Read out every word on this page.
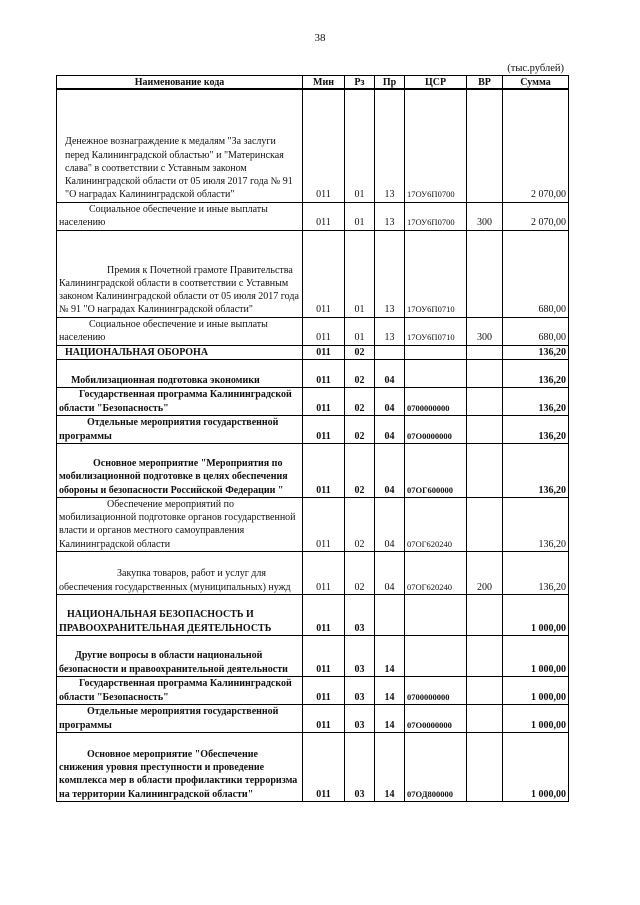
38
(тыс.рублей)
Наименование кода	Мин	Рз	Пр	ЦСР	ВР	Сумма
Денежное вознаграждение к медалям "За заслуги перед Калининградской областью" и "Материнская слава" в соответствии с Уставным законом Калининградской области от 05 июля 2017 года № 91 "О наградах Калининградской области"	011	01	13	17ОУ6П0700		2 070,00
Социальное обеспечение и иные выплаты населению	011	01	13	17ОУ6П0700	300	2 070,00
Премия к Почетной грамоте Правительства Калининградской области в соответствии с Уставным законом Калининградской области от 05 июля 2017 года № 91 "О наградах Калининградской области"	011	01	13	17ОУ6П0710		680,00
Социальное обеспечение и иные выплаты населению	011	01	13	17ОУ6П0710	300	680,00
НАЦИОНАЛЬНАЯ ОБОРОНА	011	02				136,20
Мобилизационная подготовка экономики	011	02	04			136,20
Государственная программа Калининградской области "Безопасность"	011	02	04	0700000000		136,20
Отдельные мероприятия государственной программы	011	02	04	07О0000000		136,20
Основное мероприятие "Мероприятия по мобилизационной подготовке в целях обеспечения обороны и безопасности Российской Федерации "	011	02	04	07ОГ600000		136,20
Обеспечение мероприятий по мобилизационной подготовке органов государственной власти и органов местного самоуправления Калининградской области	011	02	04	07ОГ620240		136,20
Закупка товаров, работ и услуг для обеспечения государственных (муниципальных) нужд	011	02	04	07ОГ620240	200	136,20
НАЦИОНАЛЬНАЯ БЕЗОПАСНОСТЬ И ПРАВООХРАНИТЕЛЬНАЯ ДЕЯТЕЛЬНОСТЬ	011	03				1 000,00
Другие вопросы в области национальной безопасности и правоохранительной деятельности	011	03	14			1 000,00
Государственная программа Калининградской области "Безопасность"	011	03	14	0700000000		1 000,00
Отдельные мероприятия государственной программы	011	03	14	07О0000000		1 000,00
Основное мероприятие "Обеспечение снижения уровня преступности и проведение комплекса мер в области профилактики терроризма на территории Калининградской области"	011	03	14	07ОД800000		1 000,00
